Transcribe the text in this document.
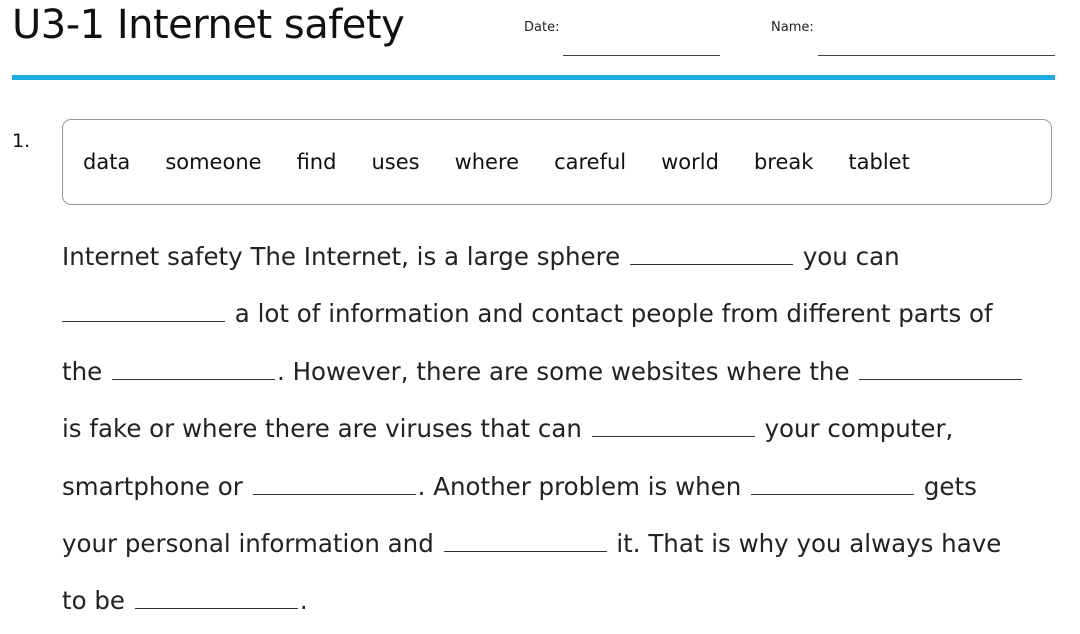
U3-1 Internet safety	Date:	Name:
1.
data someone find uses where careful world break tablet
Internet safety The Internet, is a large sphere	you can
a lot of information and contact people from different parts of
the	. However, there are some websites where the
is fake or where there are viruses that can	your computer,
smartphone or	. Another problem is when	gets
your personal information and	it. That is why you always have
to be	.
